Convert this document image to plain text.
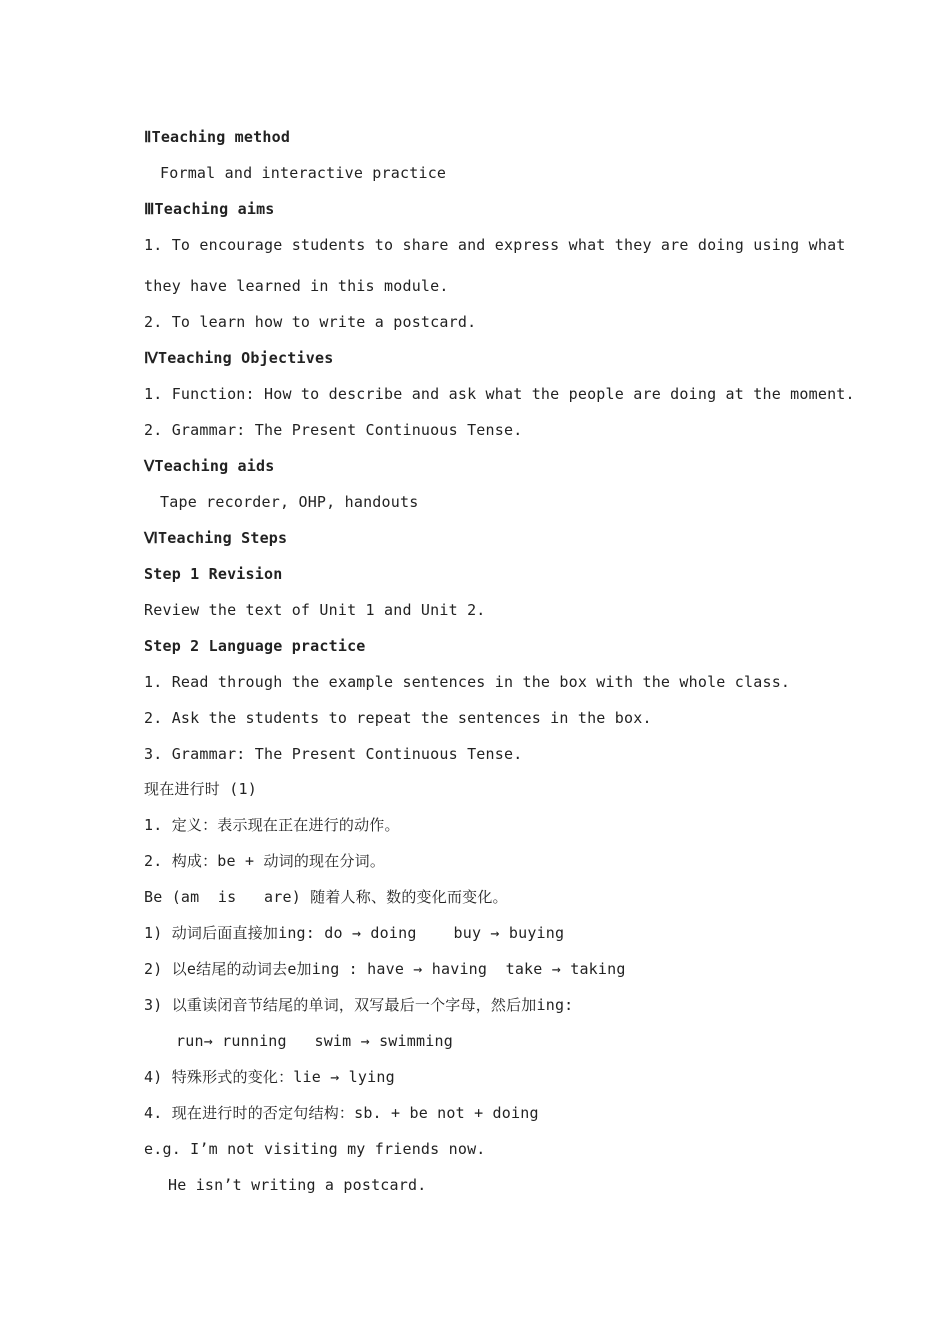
ⅡTeaching method
Formal and interactive practice
ⅢTeaching aims
1. To encourage students to share and express what they are doing using what
they have learned in this module.
2. To learn how to write a postcard.
ⅣTeaching Objectives
1. Function: How to describe and ask what the people are doing at the moment.
2. Grammar: The Present Continuous Tense.
ⅤTeaching aids
Tape recorder, OHP, handouts
ⅥTeaching Steps
Step 1 Revision
Review the text of Unit 1 and Unit 2.
Step 2 Language practice
1. Read through the example sentences in the box with the whole class.
2. Ask the students to repeat the sentences in the box.
3. Grammar: The Present Continuous Tense.
现在进行时 (1)
1. 定义：表示现在正在进行的动作。
2. 构成：be + 动词的现在分词。
Be (am  is   are) 随着人称、数的变化而变化。
1) 动词后面直接加ing: do → doing    buy → buying
2) 以e结尾的动词去e加ing : have → having  take → taking
3) 以重读闭音节结尾的单词，双写最后一个字母，然后加ing:
run→ running   swim → swimming
4) 特殊形式的变化：lie → lying
4. 现在进行时的否定句结构：sb. + be not + doing
e.g. I’m not visiting my friends now.
He isn’t writing a postcard.
